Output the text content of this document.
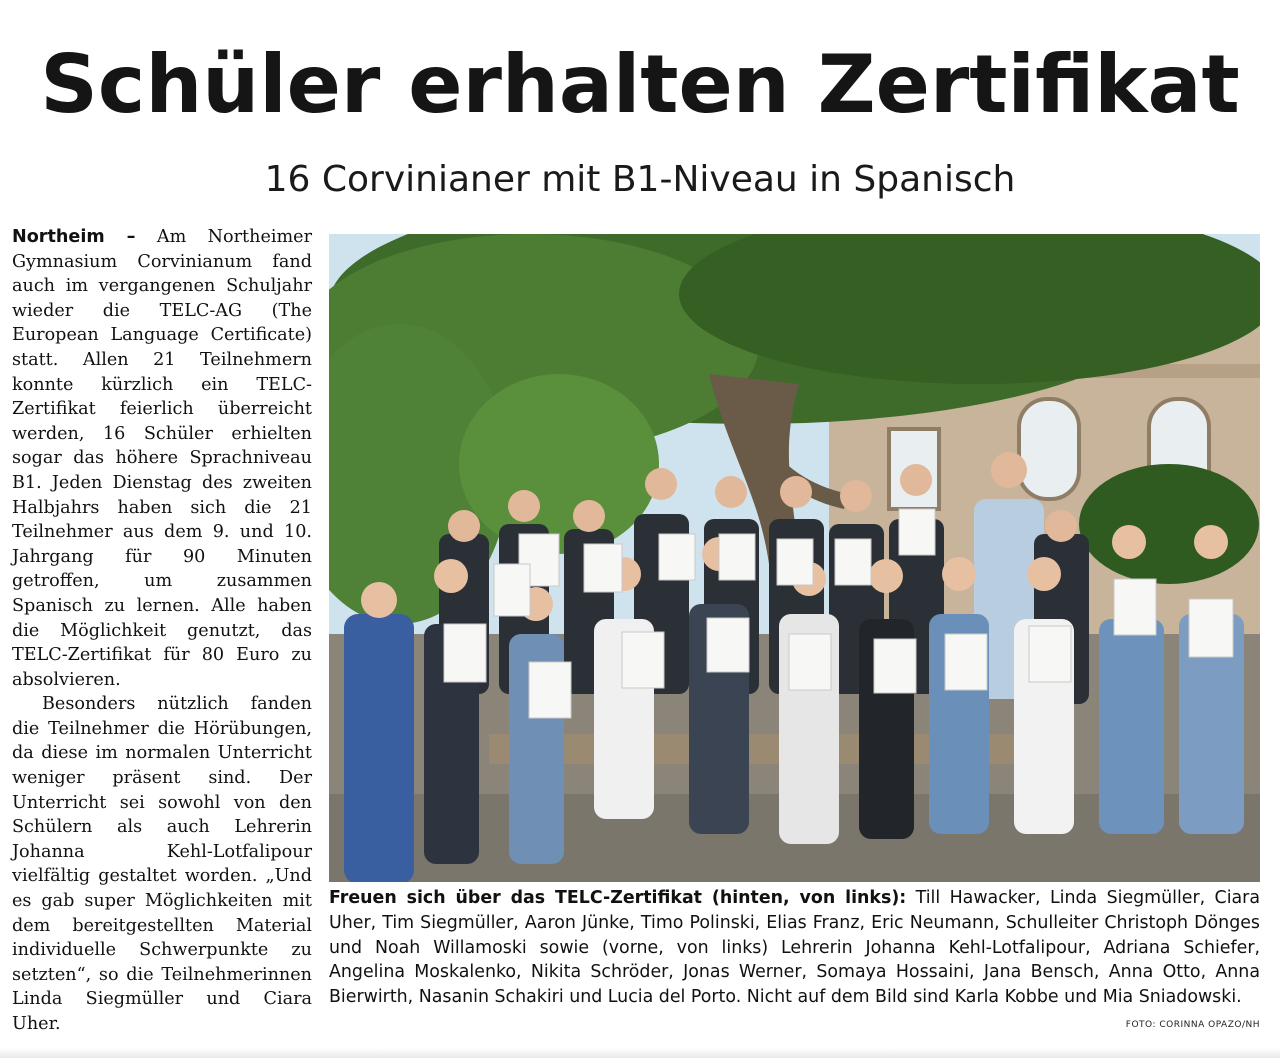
Schüler erhalten Zertifikat
16 Corvinianer mit B1-Niveau in Spanisch

Northeim – Am Northeimer Gymnasium Corvinianum fand auch im vergangenen Schuljahr wieder die TELC-AG (The European Language Certificate) statt. Allen 21 Teilnehmern konnte kürzlich ein TELC-Zertifikat feierlich überreicht werden, 16 Schüler erhielten sogar das höhere Sprachniveau B1. Jeden Dienstag des zweiten Halbjahrs haben sich die 21 Teilnehmer aus dem 9. und 10. Jahrgang für 90 Minuten getroffen, um zusammen Spanisch zu lernen. Alle haben die Möglichkeit genutzt, das TELC-Zertifikat für 80 Euro zu absolvieren.

Besonders nützlich fanden die Teilnehmer die Hörübungen, da diese im normalen Unterricht weniger präsent sind. Der Unterricht sei sowohl von den Schülern als auch Lehrerin Johanna Kehl-Lotfalipour vielfältig gestaltet worden. „Und es gab super Möglichkeiten mit dem bereitgestellten Material individuelle Schwerpunkte zu setzten“, so die Teilnehmerinnen Linda Siegmüller und Ciara Uher.

Freuen sich über das TELC-Zertifikat (hinten, von links): Till Hawacker, Linda Siegmüller, Ciara Uher, Tim Siegmüller, Aaron Jünke, Timo Polinski, Elias Franz, Eric Neumann, Schulleiter Christoph Dönges und Noah Willamoski sowie (vorne, von links) Lehrerin Johanna Kehl-Lotfalipour, Adriana Schiefer, Angelina Moskalenko, Nikita Schröder, Jonas Werner, Somaya Hossaini, Jana Bensch, Anna Otto, Anna Bierwirth, Nasanin Schakiri und Lucia del Porto. Nicht auf dem Bild sind Karla Kobbe und Mia Sniadowski.
FOTO: CORINNA OPAZO/NH
